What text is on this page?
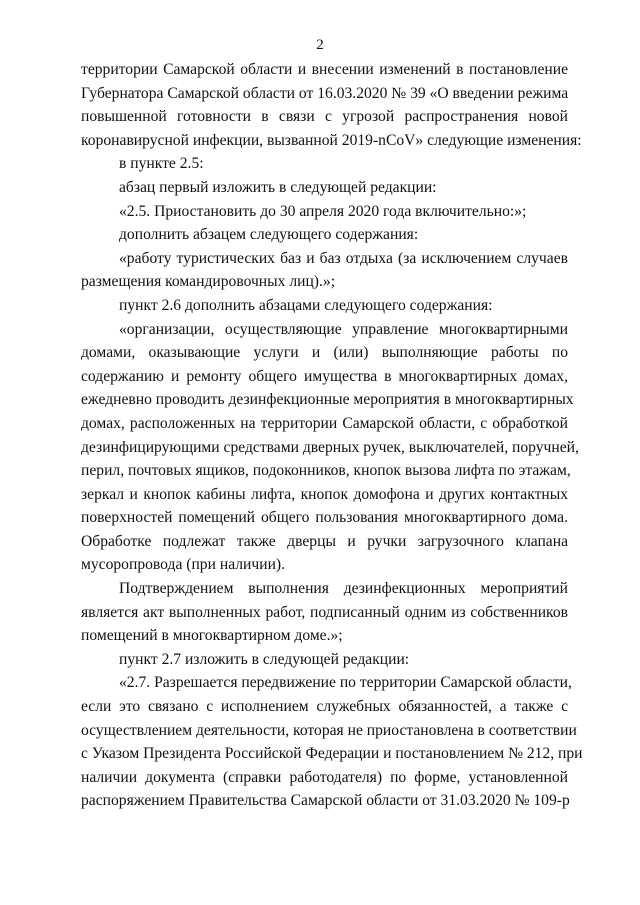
2
территории Самарской области и внесении изменений в постановление
Губернатора Самарской области от 16.03.2020 № 39 «О введении режима
повышенной готовности в связи с угрозой распространения новой
коронавирусной инфекции, вызванной 2019-nCoV» следующие изменения:
в пункте 2.5:
абзац первый изложить в следующей редакции:
«2.5. Приостановить до 30 апреля 2020 года включительно:»;
дополнить абзацем следующего содержания:
«работу туристических баз и баз отдыха (за исключением случаев
размещения командировочных лиц).»;
пункт 2.6 дополнить абзацами следующего содержания:
«организации, осуществляющие управление многоквартирными
домами, оказывающие услуги и (или) выполняющие работы по
содержанию и ремонту общего имущества в многоквартирных домах,
ежедневно проводить дезинфекционные мероприятия в многоквартирных
домах, расположенных на территории Самарской области, с обработкой
дезинфицирующими средствами дверных ручек, выключателей, поручней,
перил, почтовых ящиков, подоконников, кнопок вызова лифта по этажам,
зеркал и кнопок кабины лифта, кнопок домофона и других контактных
поверхностей помещений общего пользования многоквартирного дома.
Обработке подлежат также дверцы и ручки загрузочного клапана
мусоропровода (при наличии).
Подтверждением выполнения дезинфекционных мероприятий
является акт выполненных работ, подписанный одним из собственников
помещений в многоквартирном доме.»;
пункт 2.7 изложить в следующей редакции:
«2.7. Разрешается передвижение по территории Самарской области,
если это связано с исполнением служебных обязанностей, а также с
осуществлением деятельности, которая не приостановлена в соответствии
с Указом Президента Российской Федерации и постановлением № 212, при
наличии документа (справки работодателя) по форме, установленной
распоряжением Правительства Самарской области от 31.03.2020 № 109-р
